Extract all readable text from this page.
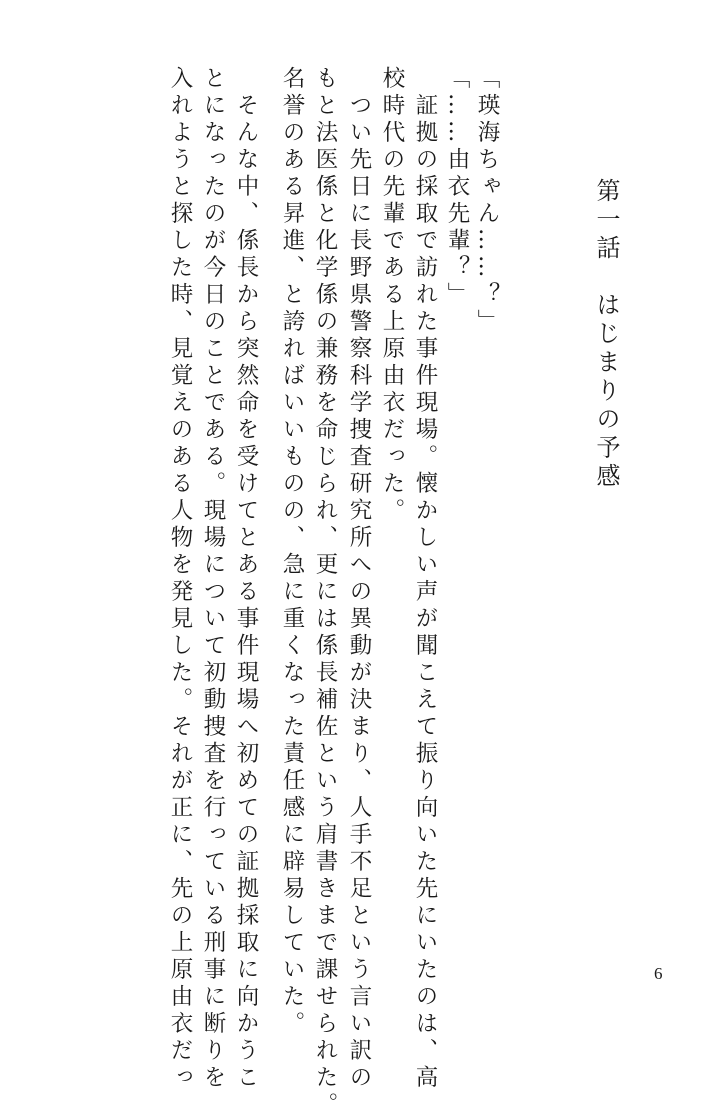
第一話　はじまりの予感
「瑛海ちゃん……？」
「……由衣先輩？」
　証拠の採取で訪れた事件現場。懐かしい声が聞こえて振り向いた先にいたのは、高
校時代の先輩である上原由衣だった。
　つい先日に長野県警察科学捜査研究所への異動が決まり、人手不足という言い訳の
もと法医係と化学係の兼務を命じられ、更には係長補佐という肩書きまで課せられた。
名誉のある昇進、と誇ればいいものの、急に重くなった責任感に辟易していた。
　そんな中、係長から突然命を受けてとある事件現場へ初めての証拠採取に向かうこ
とになったのが今日のことである。現場について初動捜査を行っている刑事に断りを
入れようと探した時、見覚えのある人物を発見した。それが正に、先の上原由衣だっ	6
